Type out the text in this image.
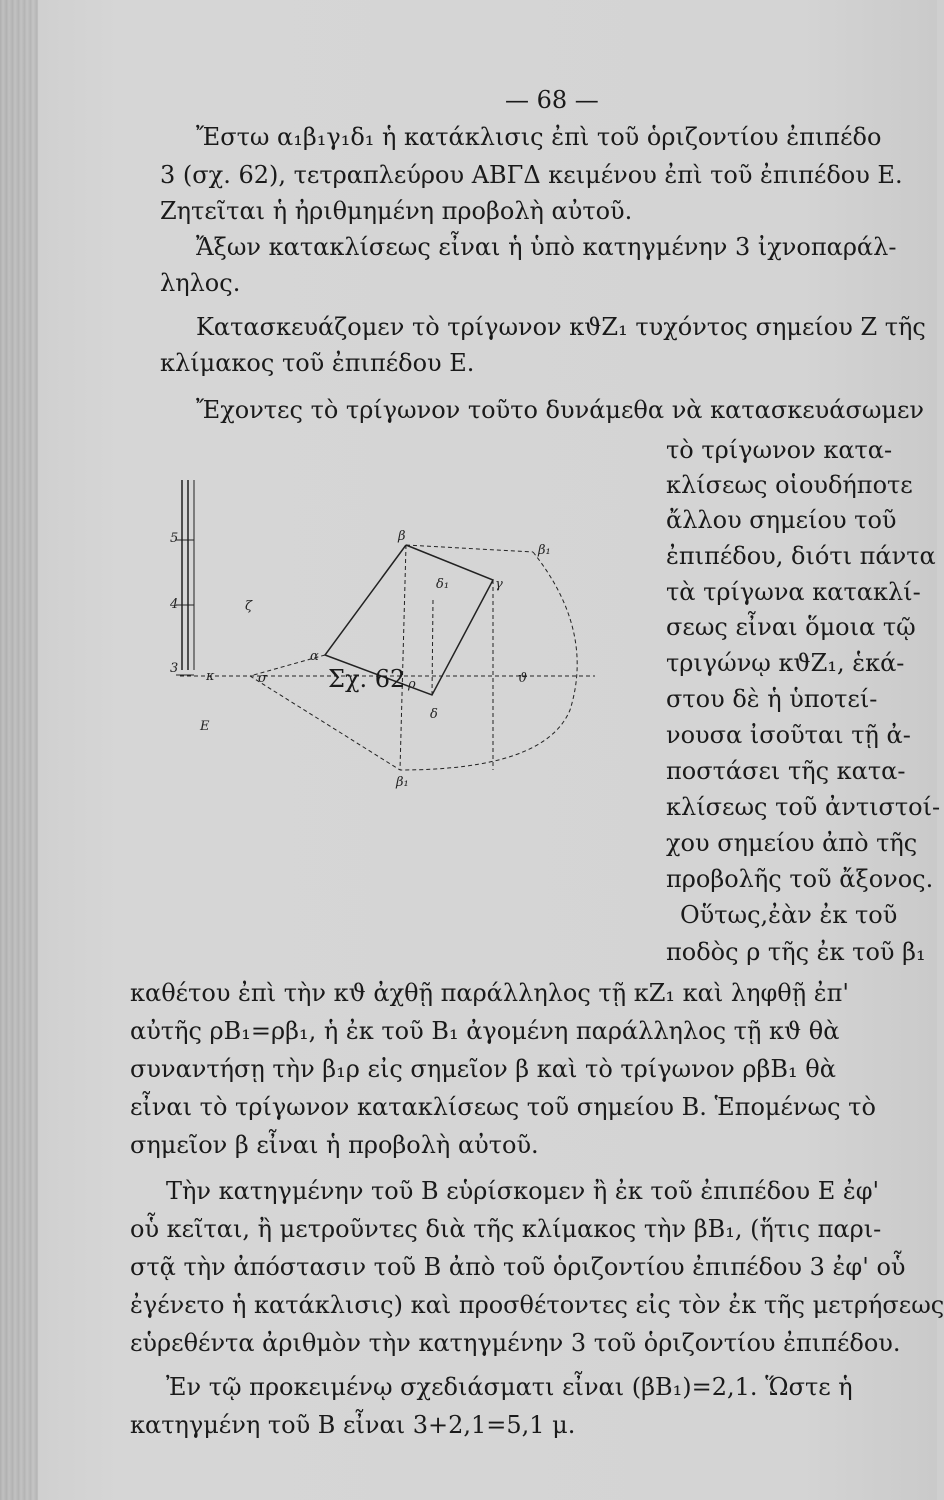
— 68 —
Ἔστω α₁β₁γ₁δ₁ ἡ κατάκλισις ἐπὶ τοῦ ὁριζοντίου ἐπιπέδο
3 (σχ. 62), τετραπλεύρου ΑΒΓΔ κειμένου ἐπὶ τοῦ ἐπιπέδου Ε.
Ζητεῖται ἡ ἠριθμημένη προβολὴ αὐτοῦ.
Ἄξων κατακλίσεως εἶναι ἡ ὑπὸ κατηγμένην 3 ἰχνοπαράλ-
ληλος.
Κατασκευάζομεν τὸ τρίγωνον κϑΖ₁ τυχόντος σημείου Ζ τῆς
κλίμακος τοῦ ἐπιπέδου Ε.
Ἔχοντες τὸ τρίγωνον τοῦτο δυνάμεθα νὰ κατασκευάσωμεν
τὸ τρίγωνον κατα-
κλίσεως οἱουδήποτε
ἄλλου σημείου τοῦ
ἐπιπέδου, διότι πάντα
τὰ τρίγωνα κατακλί-
σεως εἶναι ὅμοια τῷ
τριγώνῳ κϑΖ₁, ἑκά-
στου δὲ ἡ ὑποτεί-
νουσα ἰσοῦται τῇ ἀ-
ποστάσει τῆς κατα-
κλίσεως τοῦ ἀντιστοί-
χου σημείου ἀπὸ τῆς
προβολῆς τοῦ ἄξονος.
Οὕτως,ἐὰν ἐκ τοῦ
ποδὸς ρ τῆς ἐκ τοῦ β₁
καθέτου ἐπὶ τὴν κϑ ἀχθῇ παράλληλος τῇ κΖ₁ καὶ ληφθῇ ἐπ'
αὐτῆς ρΒ₁=ρβ₁, ἡ ἐκ τοῦ Β₁ ἀγομένη παράλληλος τῇ κϑ θὰ
συναντήσῃ τὴν β₁ρ εἰς σημεῖον β καὶ τὸ τρίγωνον ρβΒ₁ θὰ
εἶναι τὸ τρίγωνον κατακλίσεως τοῦ σημείου Β. Ἑπομένως τὸ
σημεῖον β εἶναι ἡ προβολὴ αὐτοῦ.
Τὴν κατηγμένην τοῦ Β εὑρίσκομεν ἢ ἐκ τοῦ ἐπιπέδου Ε ἐφ'
οὗ κεῖται, ἢ μετροῦντες διὰ τῆς κλίμακος τὴν βΒ₁, (ἥτις παρι-
στᾷ τὴν ἀπόστασιν τοῦ Β ἀπὸ τοῦ ὁριζοντίου ἐπιπέδου 3 ἐφ' οὗ
ἐγένετο ἡ κατάκλισις) καὶ προσθέτοντες εἰς τὸν ἐκ τῆς μετρήσεως
εὑρεθέντα ἀριθμὸν τὴν κατηγμένην 3 τοῦ ὁριζοντίου ἐπιπέδου.
Ἐν τῷ προκειμένῳ σχεδιάσματι εἶναι (βΒ₁)=2,1. Ὥστε ἡ
κατηγμένη τοῦ Β εἶναι 3+2,1=5,1 μ.
5
4
3
β
β₁
δ₁	γ
α
σ	ρ
δ
β₁
ζ
κ	ϑ
Ε
Σχ. 62
